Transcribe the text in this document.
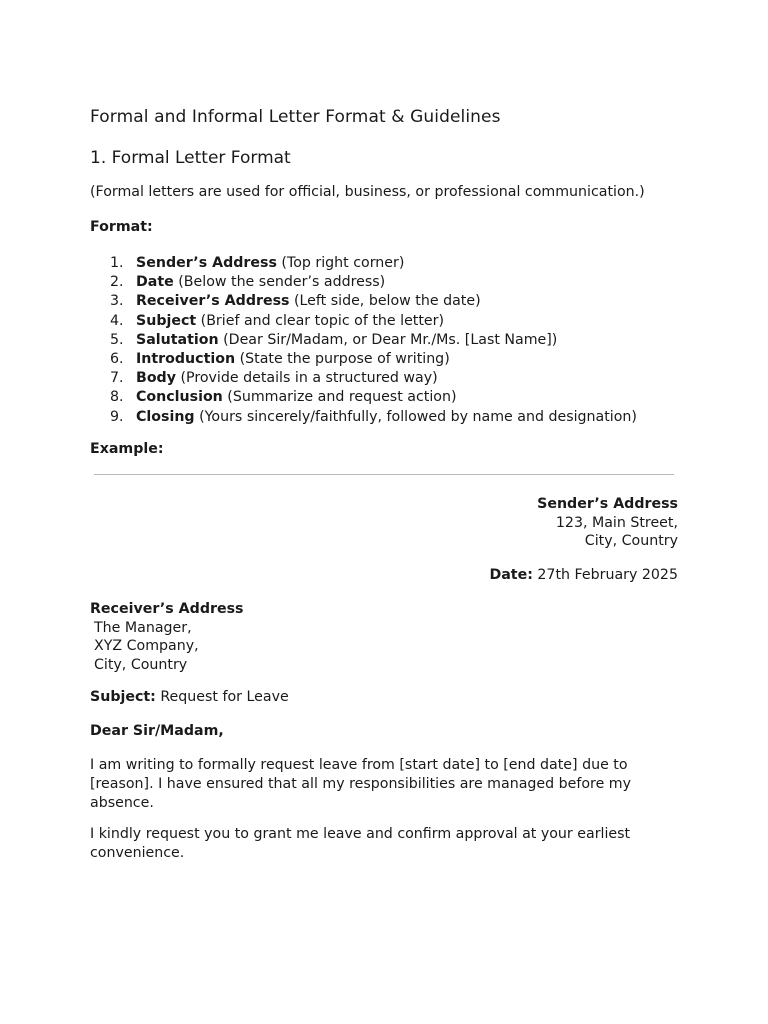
Formal and Informal Letter Format & Guidelines
1. Formal Letter Format
(Formal letters are used for official, business, or professional communication.)
Format:
1. Sender’s Address (Top right corner)
2. Date (Below the sender’s address)
3. Receiver’s Address (Left side, below the date)
4. Subject (Brief and clear topic of the letter)
5. Salutation (Dear Sir/Madam, or Dear Mr./Ms. [Last Name])
6. Introduction (State the purpose of writing)
7. Body (Provide details in a structured way)
8. Conclusion (Summarize and request action)
9. Closing (Yours sincerely/faithfully, followed by name and designation)
Example:
Sender’s Address
123, Main Street,
City, Country
Date: 27th February 2025
Receiver’s Address
The Manager,
XYZ Company,
City, Country
Subject: Request for Leave
Dear Sir/Madam,
I am writing to formally request leave from [start date] to [end date] due to [reason]. I have ensured that all my responsibilities are managed before my absence.
I kindly request you to grant me leave and confirm approval at your earliest convenience.
